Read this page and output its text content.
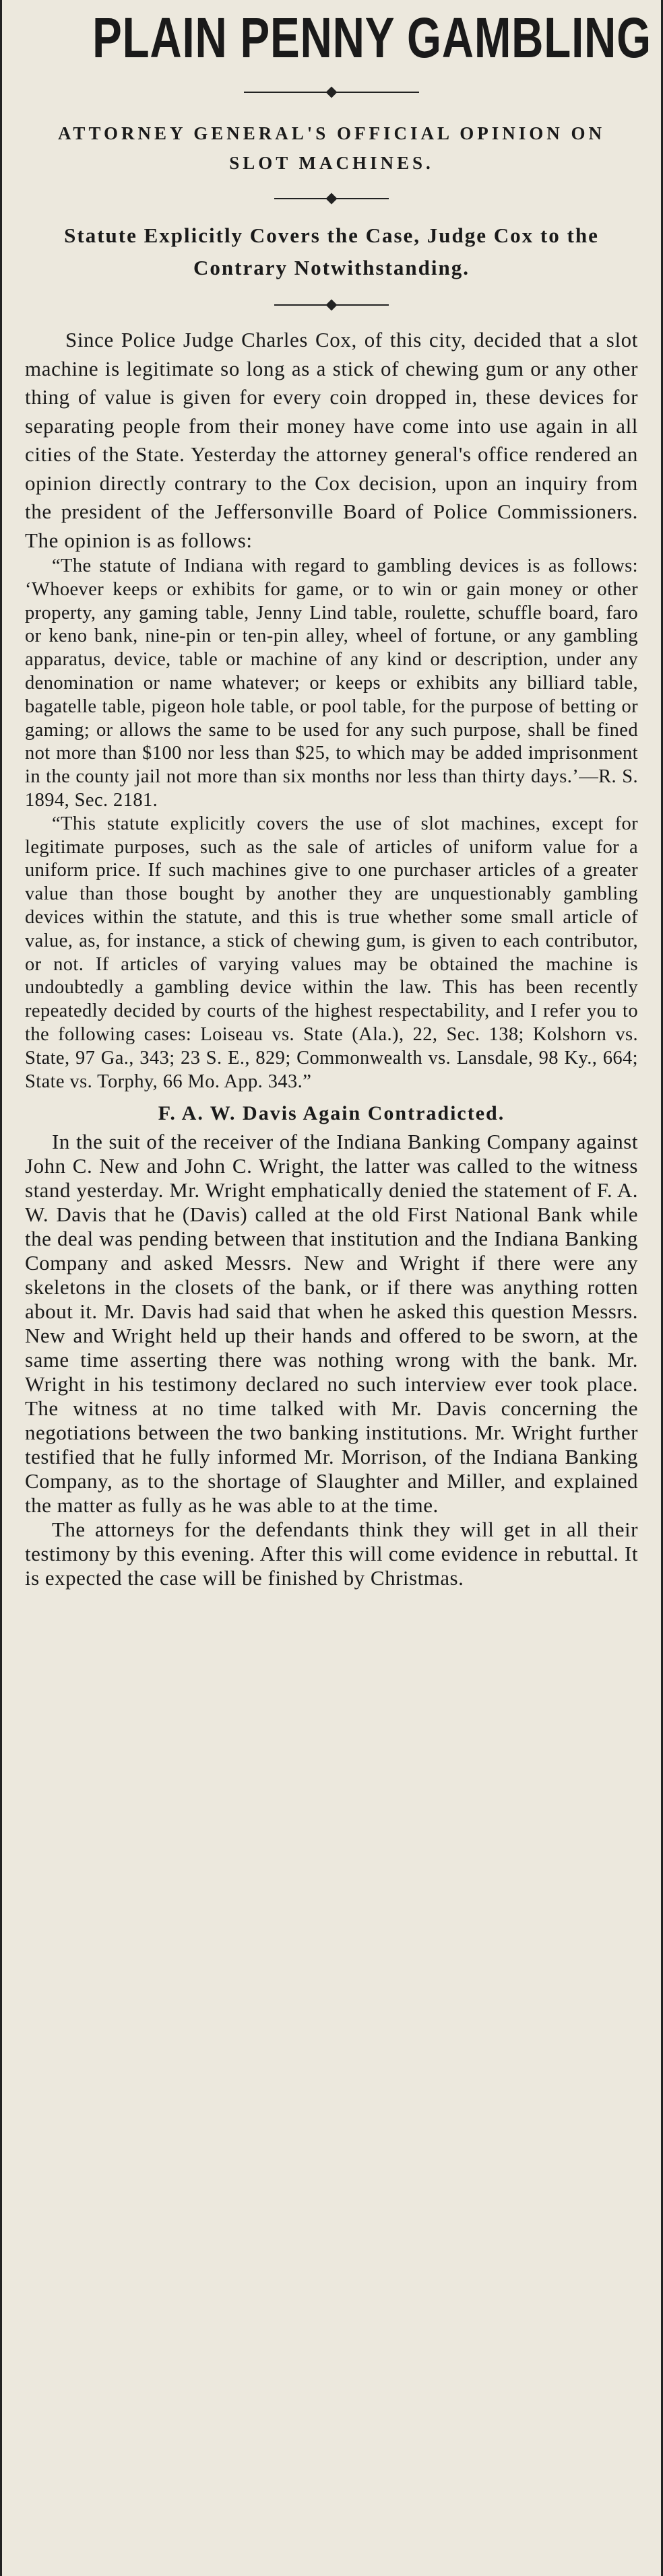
PLAIN PENNY GAMBLING

ATTORNEY GENERAL'S OFFICIAL OPINION ON SLOT MACHINES.

Statute Explicitly Covers the Case, Judge Cox to the Contrary Notwithstanding.

Since Police Judge Charles Cox, of this city, decided that a slot machine is legitimate so long as a stick of chewing gum or any other thing of value is given for every coin dropped in, these devices for separating people from their money have come into use again in all cities of the State. Yesterday the attorney general's office rendered an opinion directly contrary to the Cox decision, upon an inquiry from the president of the Jeffersonville Board of Police Commissioners. The opinion is as follows:

“The statute of Indiana with regard to gambling devices is as follows: ‘Whoever keeps or exhibits for game, or to win or gain money or other property, any gaming table, Jenny Lind table, roulette, schuffle board, faro or keno bank, nine-pin or ten-pin alley, wheel of fortune, or any gambling apparatus, device, table or machine of any kind or description, under any denomination or name whatever; or keeps or exhibits any billiard table, bagatelle table, pigeon hole table, or pool table, for the purpose of betting or gaming; or allows the same to be used for any such purpose, shall be fined not more than $100 nor less than $25, to which may be added imprisonment in the county jail not more than six months nor less than thirty days.’—R. S. 1894, Sec. 2181.

“This statute explicitly covers the use of slot machines, except for legitimate purposes, such as the sale of articles of uniform value for a uniform price. If such machines give to one purchaser articles of a greater value than those bought by another they are unquestionably gambling devices within the statute, and this is true whether some small article of value, as, for instance, a stick of chewing gum, is given to each contributor, or not. If articles of varying values may be obtained the machine is undoubtedly a gambling device within the law. This has been recently repeatedly decided by courts of the highest respectability, and I refer you to the following cases: Loiseau vs. State (Ala.), 22, Sec. 138; Kolshorn vs. State, 97 Ga., 343; 23 S. E., 829; Commonwealth vs. Lansdale, 98 Ky., 664; State vs. Torphy, 66 Mo. App. 343.”

F. A. W. Davis Again Contradicted.

In the suit of the receiver of the Indiana Banking Company against John C. New and John C. Wright, the latter was called to the witness stand yesterday. Mr. Wright emphatically denied the statement of F. A. W. Davis that he (Davis) called at the old First National Bank while the deal was pending between that institution and the Indiana Banking Company and asked Messrs. New and Wright if there were any skeletons in the closets of the bank, or if there was anything rotten about it. Mr. Davis had said that when he asked this question Messrs. New and Wright held up their hands and offered to be sworn, at the same time asserting there was nothing wrong with the bank. Mr. Wright in his testimony declared no such interview ever took place. The witness at no time talked with Mr. Davis concerning the negotiations between the two banking institutions. Mr. Wright further testified that he fully informed Mr. Morrison, of the Indiana Banking Company, as to the shortage of Slaughter and Miller, and explained the matter as fully as he was able to at the time.

The attorneys for the defendants think they will get in all their testimony by this evening. After this will come evidence in rebuttal. It is expected the case will be finished by Christmas.
